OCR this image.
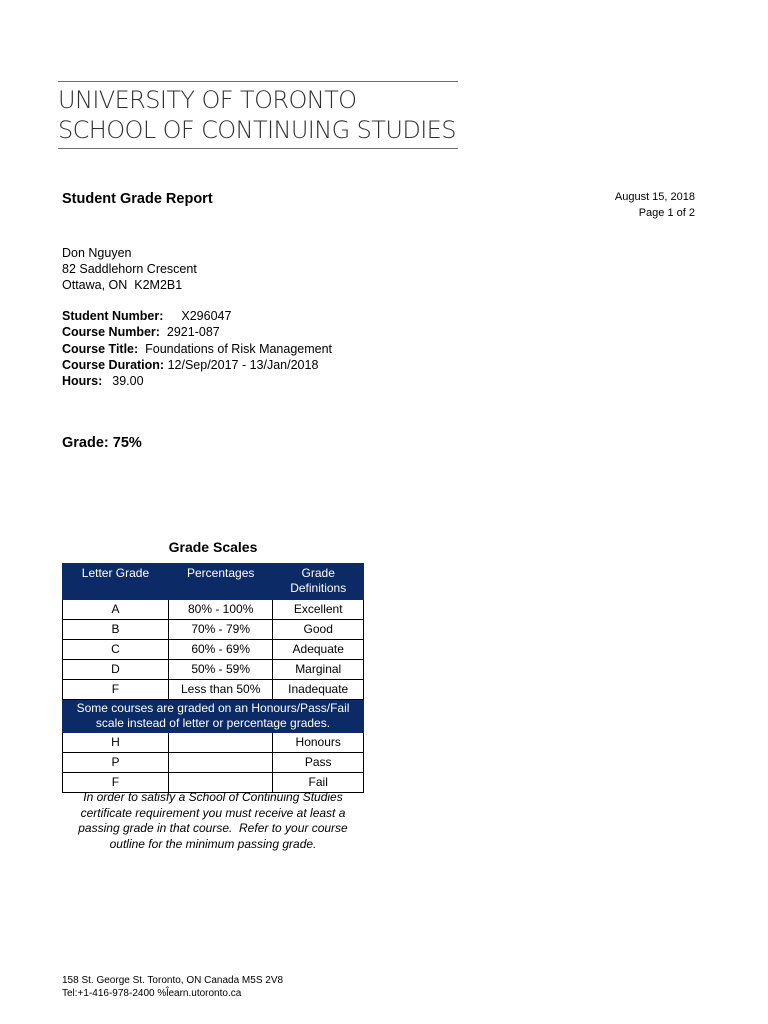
UNIVERSITY OF TORONTO
SCHOOL OF CONTINUING STUDIES
Student Grade Report	August 15, 2018
Page 1 of 2
Don Nguyen
82 Saddlehorn Crescent
Ottawa, ON  K2M2B1
Student Number: X296047
Course Number: 2921-087
Course Title: Foundations of Risk Management
Course Duration: 12/Sep/2017 - 13/Jan/2018
Hours: 39.00
Grade: 75%
Grade Scales
Letter Grade	Percentages	Grade Definitions
A	80% - 100%	Excellent
B	70% - 79%	Good
C	60% - 69%	Adequate
D	50% - 59%	Marginal
F	Less than 50%	Inadequate
Some courses are graded on an Honours/Pass/Fail scale instead of letter or percentage grades.		
H		Honours
P		Pass
F		Fail
In order to satisfy a School of Continuing Studies certificate requirement you must receive at least a passing grade in that course.  Refer to your course outline for the minimum passing grade.
158 St. George St. Toronto, ON Canada M5S 2V8
Tel:+1-416-978-2400 %l̂earn.utoronto.ca
